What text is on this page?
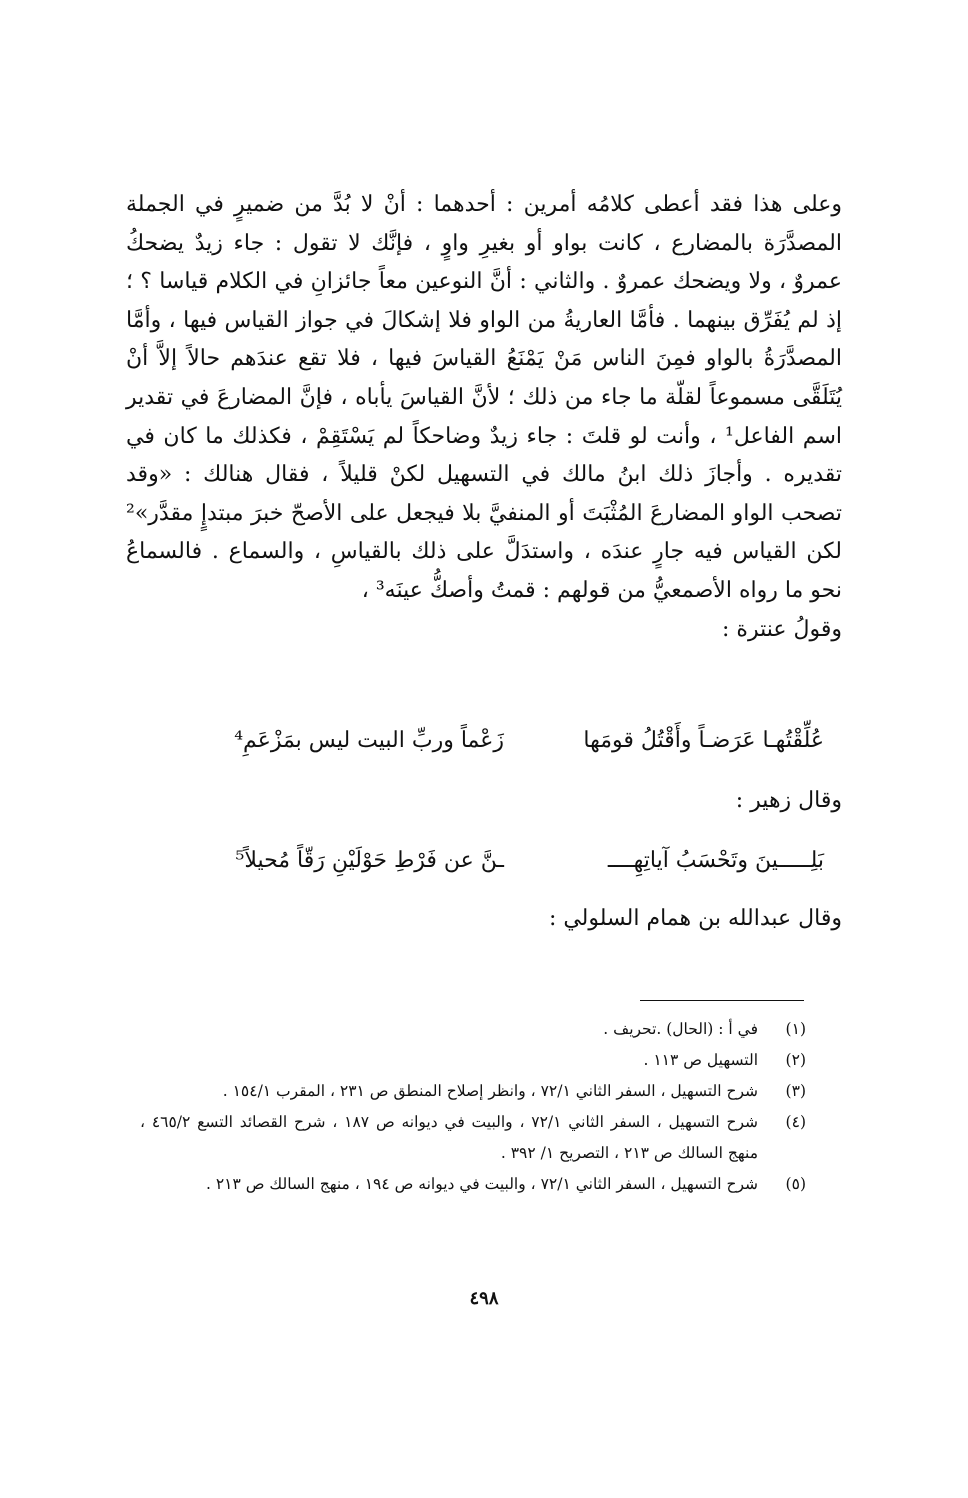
وعلى هذا فقد أعطى كلامُه أمرين : أحدهما : أنْ لا بُدَّ من ضميرٍ في الجملة المصدَّرَة بالمضارع ، كانت بواو أو بغيرِ واوٍ ، فإنَّك لا تقول : جاء زيدٌ يضحكُ عمروٌ ، ولا ويضحك عمروٌ . والثاني : أنَّ النوعين معاً جائزانِ في الكلام قياسا ؟ ؛ إذ لم يُفَرِّق بينهما . فأمَّا العاريةُ من الواو فلا إشكالَ في جواز القياس فيها ، وأمَّا المصدَّرَةُ بالواو فمِنَ الناس مَنْ يَمْنَعُ القياسَ فيها ، فلا تقع عندَهم حالاً إلاَّ أنْ يُتَلَقَّى مسموعاً لقلّة ما جاء من ذلك ؛ لأنَّ القياسَ يأباه ، فإنَّ المضارعَ في تقدير اسم الفاعل¹ ، وأنت لو قلتَ : جاء زيدٌ وضاحكاً لم يَسْتَقِمْ ، فكذلك ما كان في تقديره . وأجازَ ذلك ابنُ مالك في التسهيل لكنْ قليلاً ، فقال هنالك : «وقد تصحب الواو المضارعَ المُثْبَتَ أو المنفيَّ بلا فيجعل على الأصحّ خبرَ مبتدإٍ مقدَّر»² لكن القياس فيه جارٍ عندَه ، واستدَلَّ على ذلك بالقياسِ ، والسماع . فالسماعُ نحو ما رواه الأصمعيُّ من قولهم : قمتُ وأصكُّ عينَه³ ،

وقولُ عنترة :

عُلِّقْتُهـا عَرَضـاً وأَقْتُلُ قومَها
زَعْماً وربِّ البيت ليس بمَزْعَمِ⁴
وقال زهير :
بَلِـــــينَ وتَحْسَبُ آياتِهِــــ
ـنَّ عن فَرْطِ حَوْلَيْنِ رَقّاً مُحيلاً⁵
وقال عبدالله بن همام السلولي :
(١)
في أ : (الحال) .تحريف .
(٢)
التسهيل ص ١١٣ .
(٣)
شرح التسهيل ، السفر الثاني ٧٢/١ ، وانظر إصلاح المنطق ص ٢٣١ ، المقرب ١٥٤/١ .
(٤)
شرح التسهيل ، السفر الثاني ٧٢/١ ، والبيت في ديوانه ص ١٨٧ ، شرح القصائد التسع ٤٦٥/٢ ، منهج السالك ص ٢١٣ ، التصريح ١/ ٣٩٢ .
(٥)
شرح التسهيل ، السفر الثاني ٧٢/١ ، والبيت في ديوانه ص ١٩٤ ، منهج السالك ص ٢١٣ .
٤٩٨
